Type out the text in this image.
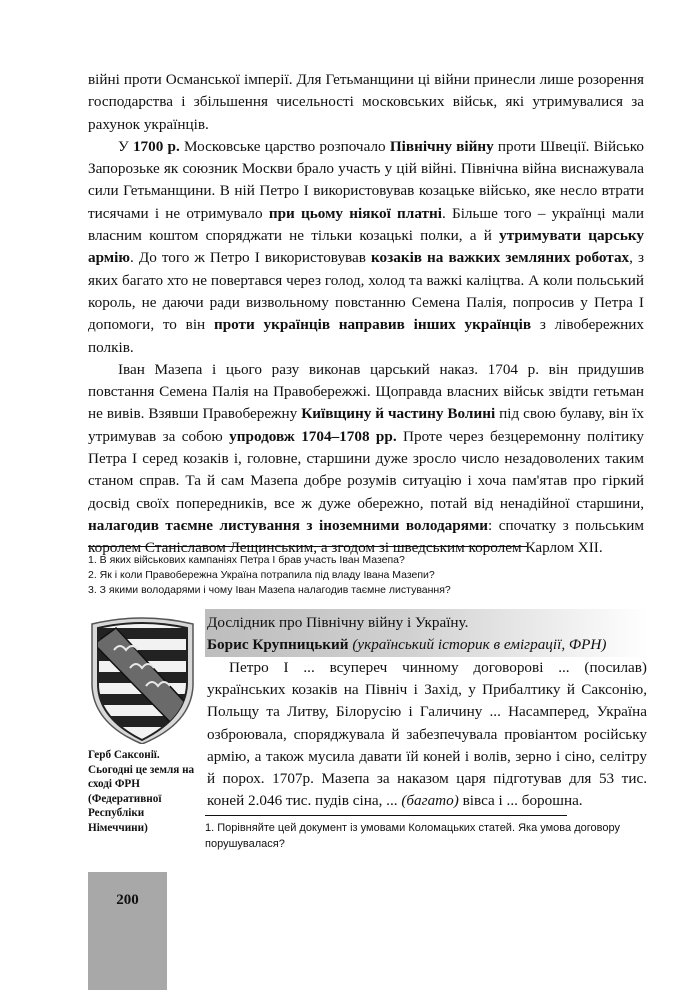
війні проти Османської імперії. Для Гетьманщини ці війни принесли лише розорення господарства і збільшення чисельності московських військ, які утримувалися за рахунок українців.

У 1700 р. Московське царство розпочало Північну війну проти Швеції. Військо Запорозьке як союзник Москви брало участь у цій війні. Північна війна виснажувала сили Гетьманщини. В ній Петро І використовував козацьке військо, яке несло втрати тисячами і не отримувало при цьому ніякої платні. Більше того – українці мали власним коштом споряджати не тільки козацькі полки, а й утримувати царську армію. До того ж Петро І використовував козаків на важких земляних роботах, з яких багато хто не повертався через голод, холод та важкі каліцтва. А коли польський король, не даючи ради визвольному повстанню Семена Палія, попросив у Петра І допомоги, то він проти українців направив інших українців з лівобережних полків.

Іван Мазепа і цього разу виконав царський наказ. 1704 р. він придушив повстання Семена Палія на Правобережжі. Щоправда власних військ звідти гетьман не вивів. Взявши Правобережну Київщину й частину Волині під свою булаву, він їх утримував за собою упродовж 1704–1708 рр. Проте через безцеремонну політику Петра І серед козаків і, головне, старшини дуже зросло число незадоволених таким станом справ. Та й сам Мазепа добре розумів ситуацію і хоча пам'ятав про гіркий досвід своїх попередників, все ж дуже обережно, потай від ненадійної старшини, налагодив таємне листування з іноземними володарями: спочатку з польським королем Станіславом Лещинським, а згодом зі шведським королем Карлом XII.

1. В яких військових кампаніях Петра І брав участь Іван Мазепа?
2. Як і коли Правобережна Україна потрапила під владу Івана Мазепи?
3. З якими володарями і чому Іван Мазепа налагодив таємне листування?
Герб Саксонії. Сьогодні це земля на сході ФРН (Федеративної Республіки Німеччини)
Дослідник про Північну війну і Україну.
Борис Крупницький (український історик в еміграції, ФРН)

Петро І ... всупереч чинному договорові ... (посилав) українських козаків на Північ і Захід, у Прибалтику й Саксонію, Польщу та Литву, Білорусію і Галичину ... Насамперед, Україна озброювала, споряджувала й забезпечувала провіантом російську армію, а також мусила давати їй коней і волів, зерно і сіно, селітру й порох. 1707р. Мазепа за наказом царя підготував для 53 тис. коней 2.046 тис. пудів сіна, ... (багато) вівса і ... борошна.

1. Порівняйте цей документ із умовами Коломацьких статей. Яка умова договору порушувалася?
200
